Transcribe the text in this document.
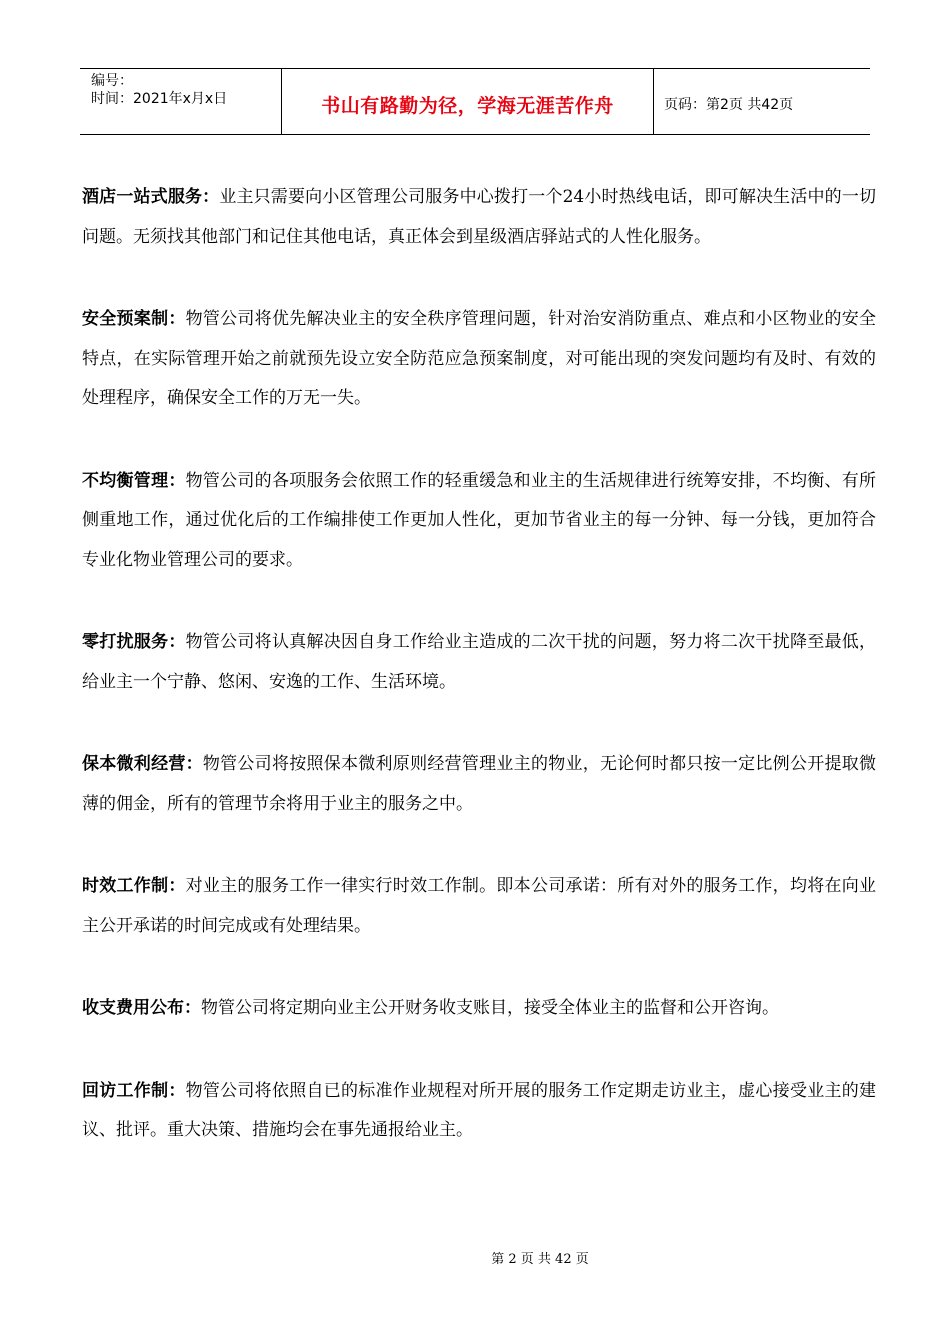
编号：
时间：2021年x月x日	书山有路勤为径，学海无涯苦作舟	页码：第2页 共42页

酒店一站式服务：业主只需要向小区管理公司服务中心拨打一个24小时热线电话，即可解决生活中的一切问题。无须找其他部门和记住其他电话，真正体会到星级酒店驿站式的人性化服务。

安全预案制：物管公司将优先解决业主的安全秩序管理问题，针对治安消防重点、难点和小区物业的安全特点，在实际管理开始之前就预先设立安全防范应急预案制度，对可能出现的突发问题均有及时、有效的处理程序，确保安全工作的万无一失。

不均衡管理：物管公司的各项服务会依照工作的轻重缓急和业主的生活规律进行统筹安排，不均衡、有所侧重地工作，通过优化后的工作编排使工作更加人性化，更加节省业主的每一分钟、每一分钱，更加符合专业化物业管理公司的要求。

零打扰服务：物管公司将认真解决因自身工作给业主造成的二次干扰的问题，努力将二次干扰降至最低，给业主一个宁静、悠闲、安逸的工作、生活环境。

保本微利经营：物管公司将按照保本微利原则经营管理业主的物业，无论何时都只按一定比例公开提取微薄的佣金，所有的管理节余将用于业主的服务之中。

时效工作制：对业主的服务工作一律实行时效工作制。即本公司承诺：所有对外的服务工作，均将在向业主公开承诺的时间完成或有处理结果。

收支费用公布：物管公司将定期向业主公开财务收支账目，接受全体业主的监督和公开咨询。

回访工作制：物管公司将依照自已的标准作业规程对所开展的服务工作定期走访业主，虚心接受业主的建议、批评。重大决策、措施均会在事先通报给业主。

第 2 页 共 42 页
